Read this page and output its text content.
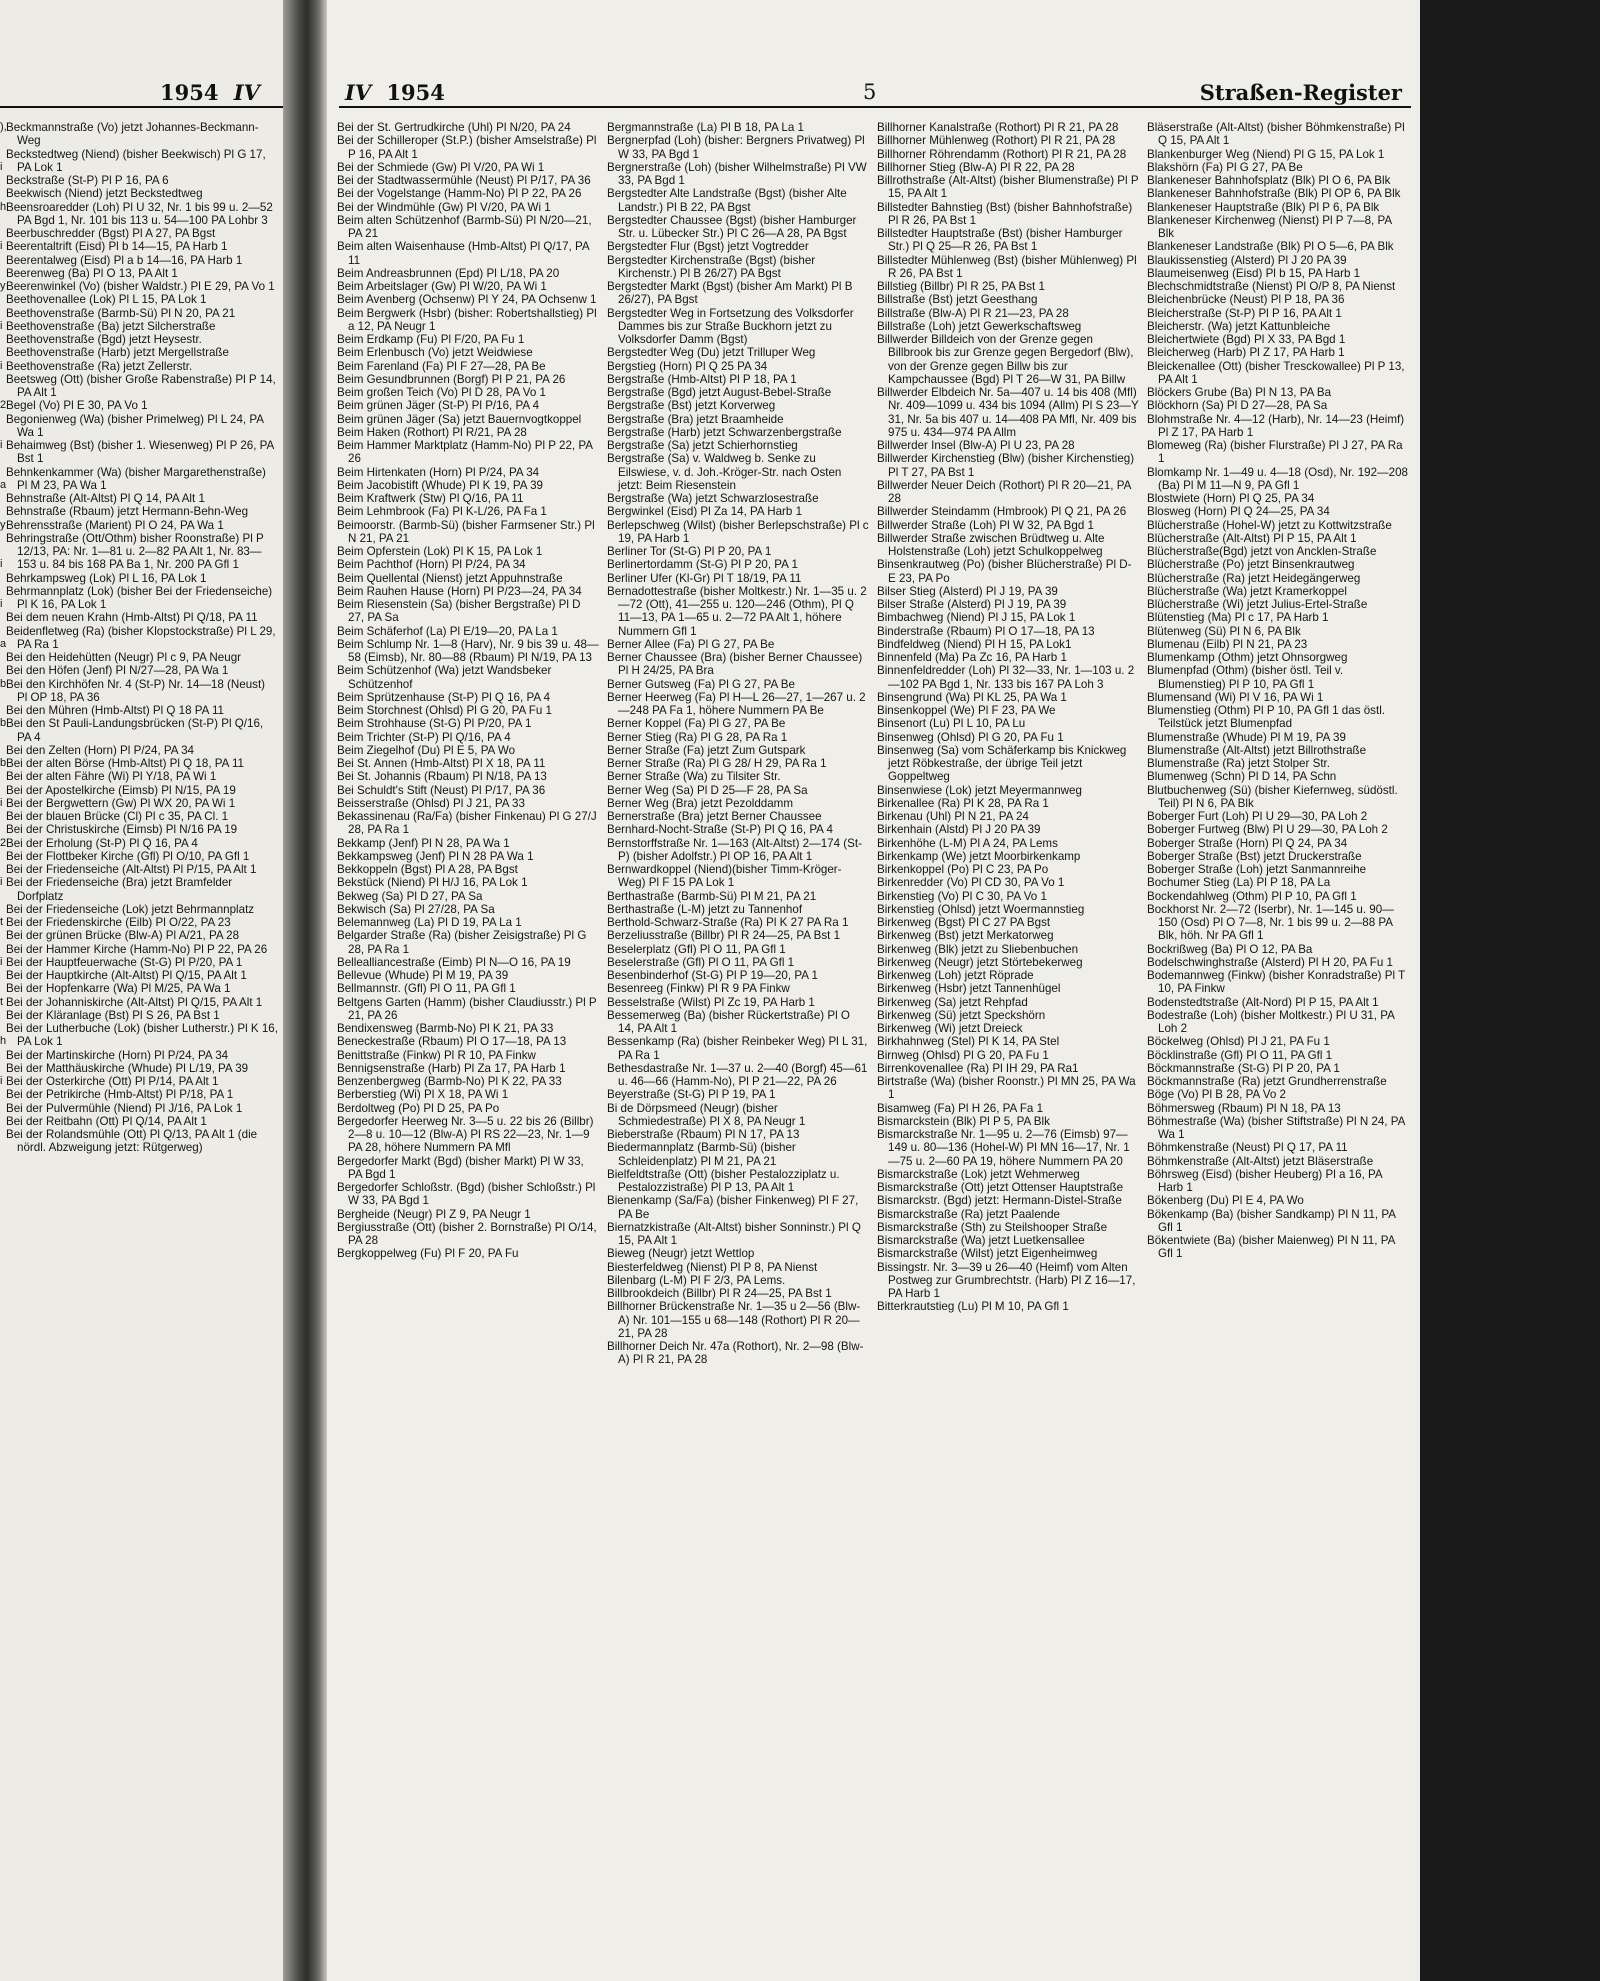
1954 IV
),
i
h
i
y
i
i
2
i
a
y
i
i
a
b
b
b
i
2
i
t
i
t
h
i

Beckmannstraße (Vo) jetzt Johannes-Beckmann-Weg

Beckstedtweg (Niend) (bisher Beekwisch) Pl G 17, PA Lok 1

Beckstraße (St-P) Pl P 16, PA 6

Beekwisch (Niend) jetzt Beckstedtweg

Beensroaredder (Loh) Pl U 32, Nr. 1 bis 99 u. 2—52 PA Bgd 1, Nr. 101 bis 113 u. 54—100 PA Lohbr 3

Beerbuschredder (Bgst) Pl A 27, PA Bgst

Beerentaltrift (Eisd) Pl b 14—15, PA Harb 1

Beerentalweg (Eisd) Pl a b 14—16, PA Harb 1

Beerenweg (Ba) Pl O 13, PA Alt 1

Beerenwinkel (Vo) (bisher Waldstr.) Pl E 29, PA Vo 1

Beethovenallee (Lok) Pl L 15, PA Lok 1

Beethovenstraße (Barmb-Sü) Pl N 20, PA 21

Beethovenstraße (Ba) jetzt Silcherstraße

Beethovenstraße (Bgd) jetzt Heysestr.

Beethovenstraße (Harb) jetzt Mergellstraße

Beethovenstraße (Ra) jetzt Zellerstr.

Beetsweg (Ott) (bisher Große Rabenstraße) Pl P 14, PA Alt 1

Begel (Vo) Pl E 30, PA Vo 1

Begonienweg (Wa) (bisher Primelweg) Pl L 24, PA Wa 1

Behaimweg (Bst) (bisher 1. Wiesenweg) Pl P 26, PA Bst 1

Behnkenkammer (Wa) (bisher Margarethenstraße) Pl M 23, PA Wa 1

Behnstraße (Alt-Altst) Pl Q 14, PA Alt 1

Behnstraße (Rbaum) jetzt Hermann-Behn-Weg

Behrensstraße (Marient) Pl O 24, PA Wa 1

Behringstraße (Ott/Othm) bisher Roonstraße) Pl P 12/13, PA: Nr. 1—81 u. 2—82 PA Alt 1, Nr. 83—153 u. 84 bis 168 PA Ba 1, Nr. 200 PA Gfl 1

Behrkampsweg (Lok) Pl L 16, PA Lok 1

Behrmannplatz (Lok) (bisher Bei der Friedenseiche) Pl K 16, PA Lok 1

Bei dem neuen Krahn (Hmb-Altst) Pl Q/18, PA 11

Beidenfletweg (Ra) (bisher Klopstockstraße) Pl L 29, PA Ra 1

Bei den Heidehütten (Neugr) Pl c 9, PA Neugr

Bei den Höfen (Jenf) Pl N/27—28, PA Wa 1

Bei den Kirchhöfen Nr. 4 (St-P) Nr. 14—18 (Neust) Pl OP 18, PA 36

Bei den Mühren (Hmb-Altst) Pl Q 18 PA 11

Bei den St Pauli-Landungsbrücken (St-P) Pl Q/16, PA 4

Bei den Zelten (Horn) Pl P/24, PA 34

Bei der alten Börse (Hmb-Altst) Pl Q 18, PA 11

Bei der alten Fähre (Wi) Pl Y/18, PA Wi 1

Bei der Apostelkirche (Eimsb) Pl N/15, PA 19

Bei der Bergwettern (Gw) Pl WX 20, PA Wi 1

Bei der blauen Brücke (Cl) Pl c 35, PA Cl. 1

Bei der Christuskirche (Eimsb) Pl N/16 PA 19

Bei der Erholung (St-P) Pl Q 16, PA 4

Bei der Flottbeker Kirche (Gfl) Pl O/10, PA Gfl 1

Bei der Friedenseiche (Alt-Altst) Pl P/15, PA Alt 1

Bei der Friedenseiche (Bra) jetzt Bramfelder Dorfplatz

Bei der Friedenseiche (Lok) jetzt Behrmannplatz

Bei der Friedenskirche (Eilb) Pl O/22, PA 23

Bei der grünen Brücke (Blw-A) Pl A/21, PA 28

Bei der Hammer Kirche (Hamm-No) Pl P 22, PA 26

Bei der Hauptfeuerwache (St-G) Pl P/20, PA 1

Bei der Hauptkirche (Alt-Altst) Pl Q/15, PA Alt 1

Bei der Hopfenkarre (Wa) Pl M/25, PA Wa 1

Bei der Johanniskirche (Alt-Altst) Pl Q/15, PA Alt 1

Bei der Kläranlage (Bst) Pl S 26, PA Bst 1

Bei der Lutherbuche (Lok) (bisher Lutherstr.) Pl K 16, PA Lok 1

Bei der Martinskirche (Horn) Pl P/24, PA 34

Bei der Matthäuskirche (Whude) Pl L/19, PA 39

Bei der Osterkirche (Ott) Pl P/14, PA Alt 1

Bei der Petrikirche (Hmb-Altst) Pl P/18, PA 1

Bei der Pulvermühle (Niend) Pl J/16, PA Lok 1

Bei der Reitbahn (Ott) Pl Q/14, PA Alt 1

Bei der Rolandsmühle (Ott) Pl Q/13, PA Alt 1 (die nördl. Abzweigung jetzt: Rütgerweg)

IV 1954	5	Straßen-Register

Bei der St. Gertrudkirche (Uhl) Pl N/20, PA 24

Bei der Schilleroper (St.P.) (bisher Amselstraße) Pl P 16, PA Alt 1

Bei der Schmiede (Gw) Pl V/20, PA Wi 1

Bei der Stadtwassermühle (Neust) Pl P/17, PA 36

Bei der Vogelstange (Hamm-No) Pl P 22, PA 26

Bei der Windmühle (Gw) Pl V/20, PA Wi 1

Beim alten Schützenhof (Barmb-Sü) Pl N/20—21, PA 21

Beim alten Waisenhause (Hmb-Altst) Pl Q/17, PA 11

Beim Andreasbrunnen (Epd) Pl L/18, PA 20

Beim Arbeitslager (Gw) Pl W/20, PA Wi 1

Beim Avenberg (Ochsenw) Pl Y 24, PA Ochsenw 1

Beim Bergwerk (Hsbr) (bisher: Robertshallstieg) Pl a 12, PA Neugr 1

Beim Erdkamp (Fu) Pl F/20, PA Fu 1

Beim Erlenbusch (Vo) jetzt Weidwiese

Beim Farenland (Fa) Pl F 27—28, PA Be

Beim Gesundbrunnen (Borgf) Pl P 21, PA 26

Beim großen Teich (Vo) Pl D 28, PA Vo 1

Beim grünen Jäger (St-P) Pl P/16, PA 4

Beim grünen Jäger (Sa) jetzt Bauernvogtkoppel

Beim Haken (Rothort) Pl R/21, PA 28

Beim Hammer Marktplatz (Hamm-No) Pl P 22, PA 26

Beim Hirtenkaten (Horn) Pl P/24, PA 34

Beim Jacobistift (Whude) Pl K 19, PA 39

Beim Kraftwerk (Stw) Pl Q/16, PA 11

Beim Lehmbrook (Fa) Pl K-L/26, PA Fa 1

Beimoorstr. (Barmb-Sü) (bisher Farmsener Str.) Pl N 21, PA 21

Beim Opferstein (Lok) Pl K 15, PA Lok 1

Beim Pachthof (Horn) Pl P/24, PA 34

Beim Quellental (Nienst) jetzt Appuhnstraße

Beim Rauhen Hause (Horn) Pl P/23—24, PA 34

Beim Riesenstein (Sa) (bisher Bergstraße) Pl D 27, PA Sa

Beim Schäferhof (La) Pl E/19—20, PA La 1

Beim Schlump Nr. 1—8 (Harv), Nr. 9 bis 39 u. 48—58 (Eimsb), Nr. 80—88 (Rbaum) Pl N/19, PA 13

Beim Schützenhof (Wa) jetzt Wandsbeker Schützenhof

Beim Sprützenhause (St-P) Pl Q 16, PA 4

Beim Storchnest (Ohlsd) Pl G 20, PA Fu 1

Beim Strohhause (St-G) Pl P/20, PA 1

Beim Trichter (St-P) Pl Q/16, PA 4

Beim Ziegelhof (Du) Pl E 5, PA Wo

Bei St. Annen (Hmb-Altst) Pl X 18, PA 11

Bei St. Johannis (Rbaum) Pl N/18, PA 13

Bei Schuldt's Stift (Neust) Pl P/17, PA 36

Beisserstraße (Ohlsd) Pl J 21, PA 33

Bekassinenau (Ra/Fa) (bisher Finkenau) Pl G 27/J 28, PA Ra 1

Bekkamp (Jenf) Pl N 28, PA Wa 1

Bekkampsweg (Jenf) Pl N 28 PA Wa 1

Bekkoppeln (Bgst) Pl A 28, PA Bgst

Bekstück (Niend) Pl H/J 16, PA Lok 1

Bekweg (Sa) Pl D 27, PA Sa

Bekwisch (Sa) Pl 27/28, PA Sa

Belemannweg (La) Pl D 19, PA La 1

Belgarder Straße (Ra) (bisher Zeisigstraße) Pl G 28, PA Ra 1

Bellealliancestraße (Eimb) Pl N—O 16, PA 19

Bellevue (Whude) Pl M 19, PA 39

Bellmannstr. (Gfl) Pl O 11, PA Gfl 1

Beltgens Garten (Hamm) (bisher Claudiusstr.) Pl P 21, PA 26

Bendixensweg (Barmb-No) Pl K 21, PA 33

Beneckestraße (Rbaum) Pl O 17—18, PA 13

Benittstraße (Finkw) Pl R 10, PA Finkw

Bennigsenstraße (Harb) Pl Za 17, PA Harb 1

Benzenbergweg (Barmb-No) Pl K 22, PA 33

Berberstieg (Wi) Pl X 18, PA Wi 1

Berdoltweg (Po) Pl D 25, PA Po

Bergedorfer Heerweg Nr. 3—5 u. 22 bis 26 (Billbr) 2—8 u. 10—12 (Blw-A) Pl RS 22—23, Nr. 1—9 PA 28, höhere Nummern PA Mfl

Bergedorfer Markt (Bgd) (bisher Markt) Pl W 33, PA Bgd 1

Bergedorfer Schloßstr. (Bgd) (bisher Schloßstr.) Pl W 33, PA Bgd 1

Bergheide (Neugr) Pl Z 9, PA Neugr 1

Bergiusstraße (Ott) (bisher 2. Bornstraße) Pl O/14, PA 28

Bergkoppelweg (Fu) Pl F 20, PA Fu

Bergmannstraße (La) Pl B 18, PA La 1

Bergnerpfad (Loh) (bisher: Bergners Privatweg) Pl W 33, PA Bgd 1

Bergnerstraße (Loh) (bisher Wilhelmstraße) Pl VW 33, PA Bgd 1

Bergstedter Alte Landstraße (Bgst) (bisher Alte Landstr.) Pl B 22, PA Bgst

Bergstedter Chaussee (Bgst) (bisher Hamburger Str. u. Lübecker Str.) Pl C 26—A 28, PA Bgst

Bergstedter Flur (Bgst) jetzt Vogtredder

Bergstedter Kirchenstraße (Bgst) (bisher Kirchenstr.) Pl B 26/27) PA Bgst

Bergstedter Markt (Bgst) (bisher Am Markt) Pl B 26/27), PA Bgst

Bergstedter Weg in Fortsetzung des Volksdorfer Dammes bis zur Straße Buckhorn jetzt zu Volksdorfer Damm (Bgst)

Bergstedter Weg (Du) jetzt Trilluper Weg

Bergstieg (Horn) Pl Q 25 PA 34

Bergstraße (Hmb-Altst) Pl P 18, PA 1

Bergstraße (Bgd) jetzt August-Bebel-Straße

Bergstraße (Bst) jetzt Korverweg

Bergstraße (Bra) jetzt Braamheide

Bergstraße (Harb) jetzt Schwarzenbergstraße

Bergstraße (Sa) jetzt Schierhornstieg

Bergstraße (Sa) v. Waldweg b. Senke zu Eilswiese, v. d. Joh.-Kröger-Str. nach Osten jetzt: Beim Riesenstein

Bergstraße (Wa) jetzt Schwarzlosestraße

Bergwinkel (Eisd) Pl Za 14, PA Harb 1

Berlepschweg (Wilst) (bisher Berlepschstraße) Pl c 19, PA Harb 1

Berliner Tor (St-G) Pl P 20, PA 1

Berlinertordamm (St-G) Pl P 20, PA 1

Berliner Ufer (Kl-Gr) Pl T 18/19, PA 11

Bernadottestraße (bisher Moltkestr.) Nr. 1—35 u. 2—72 (Ott), 41—255 u. 120—246 (Othm), Pl Q 11—13, PA 1—65 u. 2—72 PA Alt 1, höhere Nummern Gfl 1

Berner Allee (Fa) Pl G 27, PA Be

Berner Chaussee (Bra) (bisher Berner Chaussee) Pl H 24/25, PA Bra

Berner Gutsweg (Fa) Pl G 27, PA Be

Berner Heerweg (Fa) Pl H—L 26—27, 1—267 u. 2—248 PA Fa 1, höhere Nummern PA Be

Berner Koppel (Fa) Pl G 27, PA Be

Berner Stieg (Ra) Pl G 28, PA Ra 1

Berner Straße (Fa) jetzt Zum Gutspark

Berner Straße (Ra) Pl G 28/ H 29, PA Ra 1

Berner Straße (Wa) zu Tilsiter Str.

Berner Weg (Sa) Pl D 25—F 28, PA Sa

Berner Weg (Bra) jetzt Pezolddamm

Bernerstraße (Bra) jetzt Berner Chaussee

Bernhard-Nocht-Straße (St-P) Pl Q 16, PA 4

Bernstorffstraße Nr. 1—163 (Alt-Altst) 2—174 (St-P) (bisher Adolfstr.) Pl OP 16, PA Alt 1

Bernwardkoppel (Niend)(bisher Timm-Kröger-Weg) Pl F 15 PA Lok 1

Berthastraße (Barmb-Sü) Pl M 21, PA 21

Berthastraße (L-M) jetzt zu Tannenhof

Berthold-Schwarz-Straße (Ra) Pl K 27 PA Ra 1

Berzeliusstraße (Billbr) Pl R 24—25, PA Bst 1

Beselerplatz (Gfl) Pl O 11, PA Gfl 1

Beselerstraße (Gfl) Pl O 11, PA Gfl 1

Besenbinderhof (St-G) Pl P 19—20, PA 1

Besenreeg (Finkw) Pl R 9 PA Finkw

Besselstraße (Wilst) Pl Zc 19, PA Harb 1

Bessemerweg (Ba) (bisher Rückertstraße) Pl O 14, PA Alt 1

Bessenkamp (Ra) (bisher Reinbeker Weg) Pl L 31, PA Ra 1

Bethesdastraße Nr. 1—37 u. 2—40 (Borgf) 45—61 u. 46—66 (Hamm-No), Pl P 21—22, PA 26

Beyerstraße (St-G) Pl P 19, PA 1

Bi de Dörpsmeed (Neugr) (bisher Schmiedestraße) Pl X 8, PA Neugr 1

Bieberstraße (Rbaum) Pl N 17, PA 13

Biedermannplatz (Barmb-Sü) (bisher Schleidenplatz) Pl M 21, PA 21

Bielfeldtstraße (Ott) (bisher Pestalozziplatz u. Pestalozzistraße) Pl P 13, PA Alt 1

Bienenkamp (Sa/Fa) (bisher Finkenweg) Pl F 27, PA Be

Biernatzkistraße (Alt-Altst) bisher Sonninstr.) Pl Q 15, PA Alt 1

Bieweg (Neugr) jetzt Wettlop

Biesterfeldweg (Nienst) Pl P 8, PA Nienst

Bilenbarg (L-M) Pl F 2/3, PA Lems.

Billbrookdeich (Billbr) Pl R 24—25, PA Bst 1

Billhorner Brückenstraße Nr. 1—35 u 2—56 (Blw-A) Nr. 101—155 u 68—148 (Rothort) Pl R 20—21, PA 28

Billhorner Deich Nr. 47a (Rothort), Nr. 2—98 (Blw-A) Pl R 21, PA 28

Billhorner Kanalstraße (Rothort) Pl R 21, PA 28

Billhorner Mühlenweg (Rothort) Pl R 21, PA 28

Billhorner Röhrendamm (Rothort) Pl R 21, PA 28

Billhorner Stieg (Blw-A) Pl R 22, PA 28

Billrothstraße (Alt-Altst) (bisher Blumenstraße) Pl P 15, PA Alt 1

Billstedter Bahnstieg (Bst) (bisher Bahnhofstraße) Pl R 26, PA Bst 1

Billstedter Hauptstraße (Bst) (bisher Hamburger Str.) Pl Q 25—R 26, PA Bst 1

Billstedter Mühlenweg (Bst) (bisher Mühlenweg) Pl R 26, PA Bst 1

Billstieg (Billbr) Pl R 25, PA Bst 1

Billstraße (Bst) jetzt Geesthang

Billstraße (Blw-A) Pl R 21—23, PA 28

Billstraße (Loh) jetzt Gewerkschaftsweg

Billwerder Billdeich von der Grenze gegen Billbrook bis zur Grenze gegen Bergedorf (Blw), von der Grenze gegen Billw bis zur Kampchaussee (Bgd) Pl T 26—W 31, PA Billw

Billwerder Elbdeich Nr. 5a—407 u. 14 bis 408 (Mfl) Nr. 409—1099 u. 434 bis 1094 (Allm) Pl S 23—Y 31, Nr. 5a bis 407 u. 14—408 PA Mfl, Nr. 409 bis 975 u. 434—974 PA Allm

Billwerder Insel (Blw-A) Pl U 23, PA 28

Billwerder Kirchenstieg (Blw) (bisher Kirchenstieg) Pl T 27, PA Bst 1

Billwerder Neuer Deich (Rothort) Pl R 20—21, PA 28

Billwerder Steindamm (Hmbrook) Pl Q 21, PA 26

Billwerder Straße (Loh) Pl W 32, PA Bgd 1

Billwerder Straße zwischen Brüdtweg u. Alte Holstenstraße (Loh) jetzt Schulkoppelweg

Binsenkrautweg (Po) (bisher Blücherstraße) Pl D-E 23, PA Po

Bilser Stieg (Alsterd) Pl J 19, PA 39

Bilser Straße (Alsterd) Pl J 19, PA 39

Bimbachweg (Niend) Pl J 15, PA Lok 1

Binderstraße (Rbaum) Pl O 17—18, PA 13

Bindfeldweg (Niend) Pl H 15, PA Lok1

Binnenfeld (Ma) Pa Zc 16, PA Harb 1

Binnenfeldredder (Loh) Pl 32—33, Nr. 1—103 u. 2—102 PA Bgd 1, Nr. 133 bis 167 PA Loh 3

Binsengrund (Wa) Pl KL 25, PA Wa 1

Binsenkoppel (We) Pl F 23, PA We

Binsenort (Lu) Pl L 10, PA Lu

Binsenweg (Ohlsd) Pl G 20, PA Fu 1

Binsenweg (Sa) vom Schäferkamp bis Knickweg jetzt Röbkestraße, der übrige Teil jetzt Goppeltweg

Binsenwiese (Lok) jetzt Meyermannweg

Birkenallee (Ra) Pl K 28, PA Ra 1

Birkenau (Uhl) Pl N 21, PA 24

Birkenhain (Alstd) Pl J 20 PA 39

Birkenhöhe (L-M) Pl A 24, PA Lems

Birkenkamp (We) jetzt Moorbirkenkamp

Birkenkoppel (Po) Pl C 23, PA Po

Birkenredder (Vo) Pl CD 30, PA Vo 1

Birkenstieg (Vo) Pl C 30, PA Vo 1

Birkenstieg (Ohlsd) jetzt Woermannstieg

Birkenweg (Bgst) Pl C 27 PA Bgst

Birkenweg (Bst) jetzt Merkatorweg

Birkenweg (Blk) jetzt zu Sliebenbuchen

Birkenweg (Neugr) jetzt Störtebekerweg

Birkenweg (Loh) jetzt Röprade

Birkenweg (Hsbr) jetzt Tannenhügel

Birkenweg (Sa) jetzt Rehpfad

Birkenweg (Sü) jetzt Speckshörn

Birkenweg (Wi) jetzt Dreieck

Birkhahnweg (Stel) Pl K 14, PA Stel

Birnweg (Ohlsd) Pl G 20, PA Fu 1

Birrenkovenallee (Ra) Pl IH 29, PA Ra1

Birtstraße (Wa) (bisher Roonstr.) Pl MN 25, PA Wa 1

Bisamweg (Fa) Pl H 26, PA Fa 1

Bismarckstein (Blk) Pl P 5, PA Blk

Bismarckstraße Nr. 1—95 u. 2—76 (Eimsb) 97—149 u. 80—136 (Hohel-W) Pl MN 16—17, Nr. 1—75 u. 2—60 PA 19, höhere Nummern PA 20

Bismarckstraße (Lok) jetzt Wehmerweg

Bismarckstraße (Ott) jetzt Ottenser Hauptstraße

Bismarckstr. (Bgd) jetzt: Hermann-Distel-Straße

Bismarckstraße (Ra) jetzt Paalende

Bismarckstraße (Sth) zu Steilshooper Straße

Bismarckstraße (Wa) jetzt Luetkensallee

Bismarckstraße (Wilst) jetzt Eigenheimweg

Bissingstr. Nr. 3—39 u 26—40 (Heimf) vom Alten Postweg zur Grumbrechtstr. (Harb) Pl Z 16—17, PA Harb 1

Bitterkrautstieg (Lu) Pl M 10, PA Gfl 1

Bläserstraße (Alt-Altst) (bisher Böhmkenstraße) Pl Q 15, PA Alt 1

Blankenburger Weg (Niend) Pl G 15, PA Lok 1

Blakshörn (Fa) Pl G 27, PA Be

Blankeneser Bahnhofsplatz (Blk) Pl O 6, PA Blk

Blankeneser Bahnhofstraße (Blk) Pl OP 6, PA Blk

Blankeneser Hauptstraße (Blk) Pl P 6, PA Blk

Blankeneser Kirchenweg (Nienst) Pl P 7—8, PA Blk

Blankeneser Landstraße (Blk) Pl O 5—6, PA Blk

Blaukissenstieg (Alsterd) Pl J 20 PA 39

Blaumeisenweg (Eisd) Pl b 15, PA Harb 1

Blechschmidtstraße (Nienst) Pl O/P 8, PA Nienst

Bleichenbrücke (Neust) Pl P 18, PA 36

Bleicherstraße (St-P) Pl P 16, PA Alt 1

Bleicherstr. (Wa) jetzt Kattunbleiche

Bleichertwiete (Bgd) Pl X 33, PA Bgd 1

Bleicherweg (Harb) Pl Z 17, PA Harb 1

Bleickenallee (Ott) (bisher Tresckowallee) Pl P 13, PA Alt 1

Blöckers Grube (Ba) Pl N 13, PA Ba

Blöckhorn (Sa) Pl D 27—28, PA Sa

Blohmstraße Nr. 4—12 (Harb), Nr. 14—23 (Heimf) Pl Z 17, PA Harb 1

Blomeweg (Ra) (bisher Flurstraße) Pl J 27, PA Ra 1

Blomkamp Nr. 1—49 u. 4—18 (Osd), Nr. 192—208 (Ba) Pl M 11—N 9, PA Gfl 1

Blostwiete (Horn) Pl Q 25, PA 34

Blosweg (Horn) Pl Q 24—25, PA 34

Blücherstraße (Hohel-W) jetzt zu Kottwitzstraße

Blücherstraße (Alt-Altst) Pl P 15, PA Alt 1

Blücherstraße(Bgd) jetzt von Ancklen-Straße

Blücherstraße (Po) jetzt Binsenkrautweg

Blücherstraße (Ra) jetzt Heidegängerweg

Blücherstraße (Wa) jetzt Kramerkoppel

Blücherstraße (Wi) jetzt Julius-Ertel-Straße

Blütenstieg (Ma) Pl c 17, PA Harb 1

Blütenweg (Sü) Pl N 6, PA Blk

Blumenau (Eilb) Pl N 21, PA 23

Blumenkamp (Othm) jetzt Ohnsorgweg

Blumenpfad (Othm) (bisher östl. Teil v. Blumenstieg) Pl P 10, PA Gfl 1

Blumensand (Wi) Pl V 16, PA Wi 1

Blumenstieg (Othm) Pl P 10, PA Gfl 1 das östl. Teilstück jetzt Blumenpfad

Blumenstraße (Whude) Pl M 19, PA 39

Blumenstraße (Alt-Altst) jetzt Billrothstraße

Blumenstraße (Ra) jetzt Stolper Str.

Blumenweg (Schn) Pl D 14, PA Schn

Blutbuchenweg (Sü) (bisher Kiefernweg, südöstl. Teil) Pl N 6, PA Blk

Boberger Furt (Loh) Pl U 29—30, PA Loh 2

Boberger Furtweg (Blw) Pl U 29—30, PA Loh 2

Boberger Straße (Horn) Pl Q 24, PA 34

Boberger Straße (Bst) jetzt Druckerstraße

Boberger Straße (Loh) jetzt Sanmannreihe

Bochumer Stieg (La) Pl P 18, PA La

Bockendahlweg (Othm) Pl P 10, PA Gfl 1

Bockhorst Nr. 2—72 (Iserbr), Nr. 1—145 u. 90—150 (Osd) Pl O 7—8, Nr. 1 bis 99 u. 2—88 PA Blk, höh. Nr PA Gfl 1

Bockrißweg (Ba) Pl O 12, PA Ba

Bodelschwinghstraße (Alsterd) Pl H 20, PA Fu 1

Bodemannweg (Finkw) (bisher Konradstraße) Pl T 10, PA Finkw

Bodenstedtstraße (Alt-Nord) Pl P 15, PA Alt 1

Bodestraße (Loh) (bisher Moltkestr.) Pl U 31, PA Loh 2

Böckelweg (Ohlsd) Pl J 21, PA Fu 1

Böcklinstraße (Gfl) Pl O 11, PA Gfl 1

Böckmannstraße (St-G) Pl P 20, PA 1

Böckmannstraße (Ra) jetzt Grundherrenstraße

Böge (Vo) Pl B 28, PA Vo 2

Böhmersweg (Rbaum) Pl N 18, PA 13

Böhmestraße (Wa) (bisher Stiftstraße) Pl N 24, PA Wa 1

Böhmkenstraße (Neust) Pl Q 17, PA 11

Böhmkenstraße (Alt-Altst) jetzt Bläserstraße

Böhrsweg (Eisd) (bisher Heuberg) Pl a 16, PA Harb 1

Bökenberg (Du) Pl E 4, PA Wo

Bökenkamp (Ba) (bisher Sandkamp) Pl N 11, PA Gfl 1

Bökentwiete (Ba) (bisher Maienweg) Pl N 11, PA Gfl 1
